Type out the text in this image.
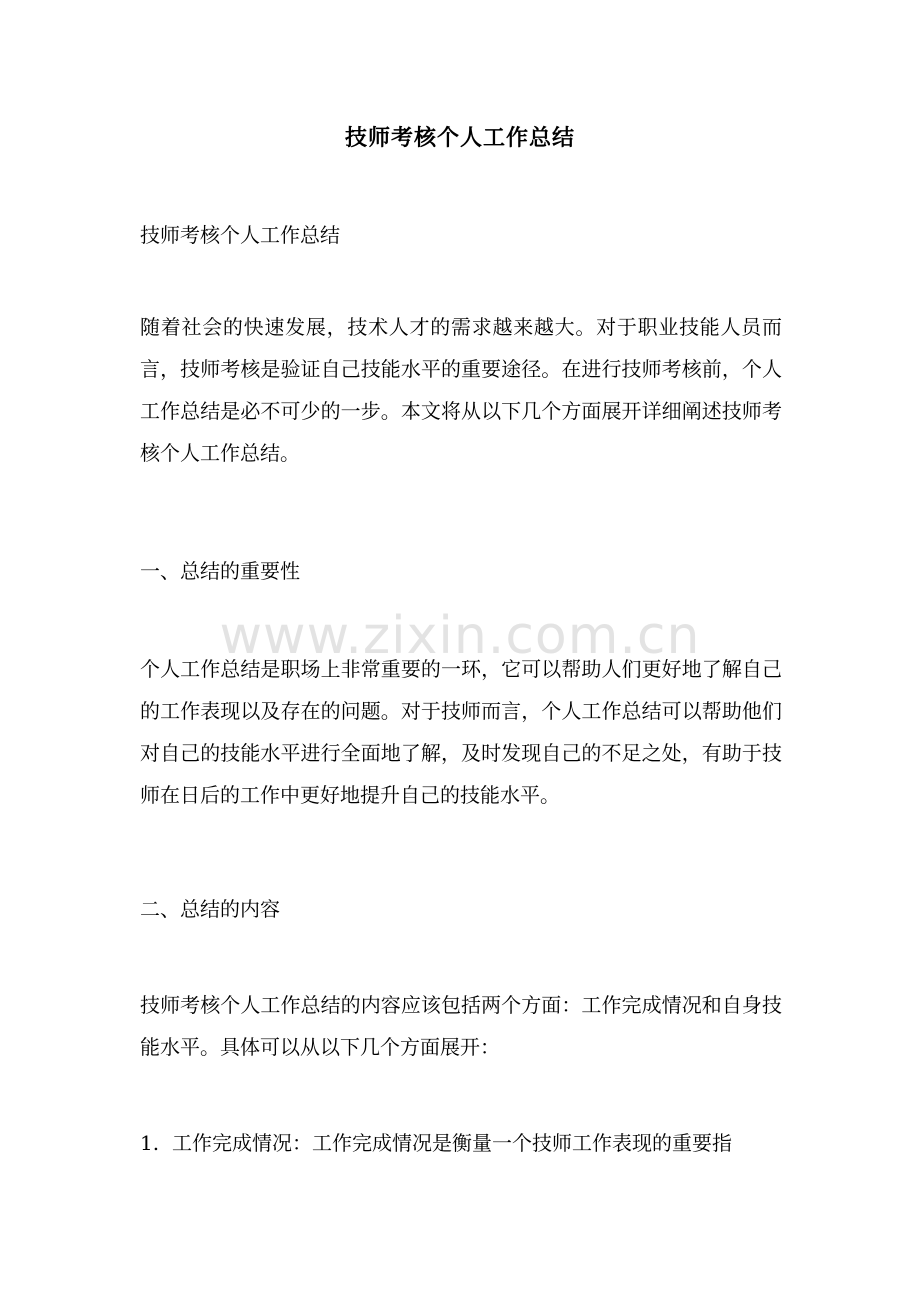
www.zixin.com.cn
技师考核个人工作总结
技师考核个人工作总结
随着社会的快速发展，技术人才的需求越来越大。对于职业技能人员而言，技师考核是验证自己技能水平的重要途径。在进行技师考核前，个人工作总结是必不可少的一步。本文将从以下几个方面展开详细阐述技师考核个人工作总结。
一、总结的重要性
个人工作总结是职场上非常重要的一环，它可以帮助人们更好地了解自己的工作表现以及存在的问题。对于技师而言，个人工作总结可以帮助他们对自己的技能水平进行全面地了解，及时发现自己的不足之处，有助于技师在日后的工作中更好地提升自己的技能水平。
二、总结的内容
技师考核个人工作总结的内容应该包括两个方面：工作完成情况和自身技能水平。具体可以从以下几个方面展开：
1. 工作完成情况：工作完成情况是衡量一个技师工作表现的重要指
